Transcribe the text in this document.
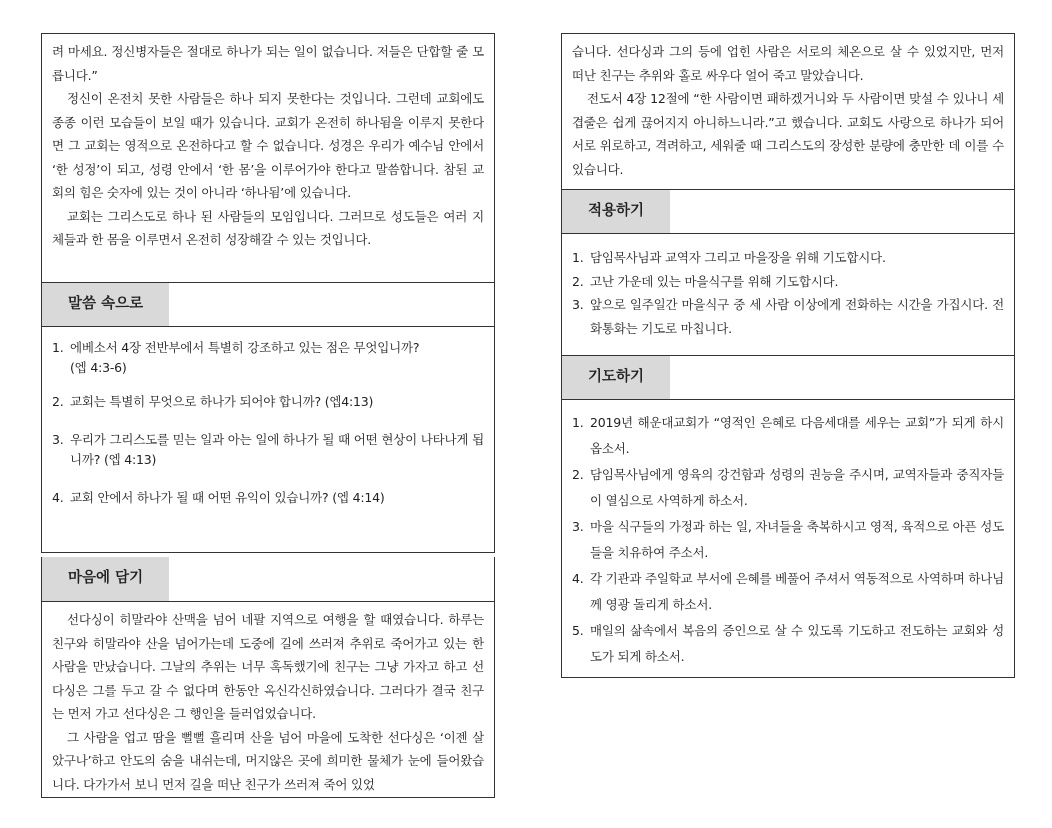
려 마세요. 정신병자들은 절대로 하나가 되는 일이 없습니다. 저들은 단합할 줄 모릅니다.”

정신이 온전치 못한 사람들은 하나 되지 못한다는 것입니다. 그런데 교회에도 종종 이런 모습들이 보일 때가 있습니다. 교회가 온전히 하나됨을 이루지 못한다면 그 교회는 영적으로 온전하다고 할 수 없습니다. 성경은 우리가 예수님 안에서 ‘한 성정’이 되고, 성령 안에서 ‘한 몸’을 이루어가야 한다고 말씀합니다. 참된 교회의 힘은 숫자에 있는 것이 아니라 ‘하나됨’에 있습니다.

교회는 그리스도로 하나 된 사람들의 모임입니다. 그러므로 성도들은 여러 지체들과 한 몸을 이루면서 온전히 성장해갈 수 있는 것입니다.

말씀 속으로
1. 에베소서 4장 전반부에서 특별히 강조하고 있는 점은 무엇입니까?
(엡 4:3-6)
2. 교회는 특별히 무엇으로 하나가 되어야 합니까? (엡4:13)
3. 우리가 그리스도를 믿는 일과 아는 일에 하나가 될 때 어떤 현상이 나타나게 됩니까? (엡 4:13)
4. 교회 안에서 하나가 될 때 어떤 유익이 있습니까? (엡 4:14)
마음에 담기

선다싱이 히말라야 산맥을 넘어 네팔 지역으로 여행을 할 때였습니다. 하루는 친구와 히말라야 산을 넘어가는데 도중에 길에 쓰러져 추위로 죽어가고 있는 한 사람을 만났습니다. 그날의 추위는 너무 혹독했기에 친구는 그냥 가자고 하고 선다싱은 그를 두고 갈 수 없다며 한동안 옥신각신하였습니다. 그러다가 결국 친구는 먼저 가고 선다싱은 그 행인을 들러업었습니다.

그 사람을 업고 땀을 뻘뻘 흘리며 산을 넘어 마을에 도착한 선다싱은 ‘이젠 살았구나’하고 안도의 숨을 내쉬는데, 머지않은 곳에 희미한 물체가 눈에 들어왔습니다. 다가가서 보니 먼저 길을 떠난 친구가 쓰러져 죽어 있었

습니다. 선다싱과 그의 등에 업힌 사람은 서로의 체온으로 살 수 있었지만, 먼저 떠난 친구는 추위와 홀로 싸우다 얼어 죽고 말았습니다.

전도서 4장 12절에 “한 사람이면 패하겠거니와 두 사람이면 맞설 수 있나니 세 겹줄은 쉽게 끊어지지 아니하느니라.”고 했습니다. 교회도 사랑으로 하나가 되어 서로 위로하고, 격려하고, 세워줄 때 그리스도의 장성한 분량에 충만한 데 이를 수 있습니다.

적용하기
1. 담임목사님과 교역자 그리고 마을장을 위해 기도합시다.
2. 고난 가운데 있는 마을식구를 위해 기도합시다.
3. 앞으로 일주일간 마을식구 중 세 사람 이상에게 전화하는 시간을 가집시다. 전화통화는 기도로 마칩니다.
기도하기
1. 2019년 해운대교회가 “영적인 은혜로 다음세대를 세우는 교회”가 되게 하시옵소서.
2. 담임목사님에게 영육의 강건함과 성령의 권능을 주시며, 교역자들과 중직자들이 열심으로 사역하게 하소서.
3. 마을 식구들의 가정과 하는 일, 자녀들을 축복하시고 영적, 육적으로 아픈 성도들을 치유하여 주소서.
4. 각 기관과 주일학교 부서에 은혜를 베풀어 주셔서 역동적으로 사역하며 하나님께 영광 돌리게 하소서.
5. 매일의 삶속에서 복음의 증인으로 살 수 있도록 기도하고 전도하는 교회와 성도가 되게 하소서.
